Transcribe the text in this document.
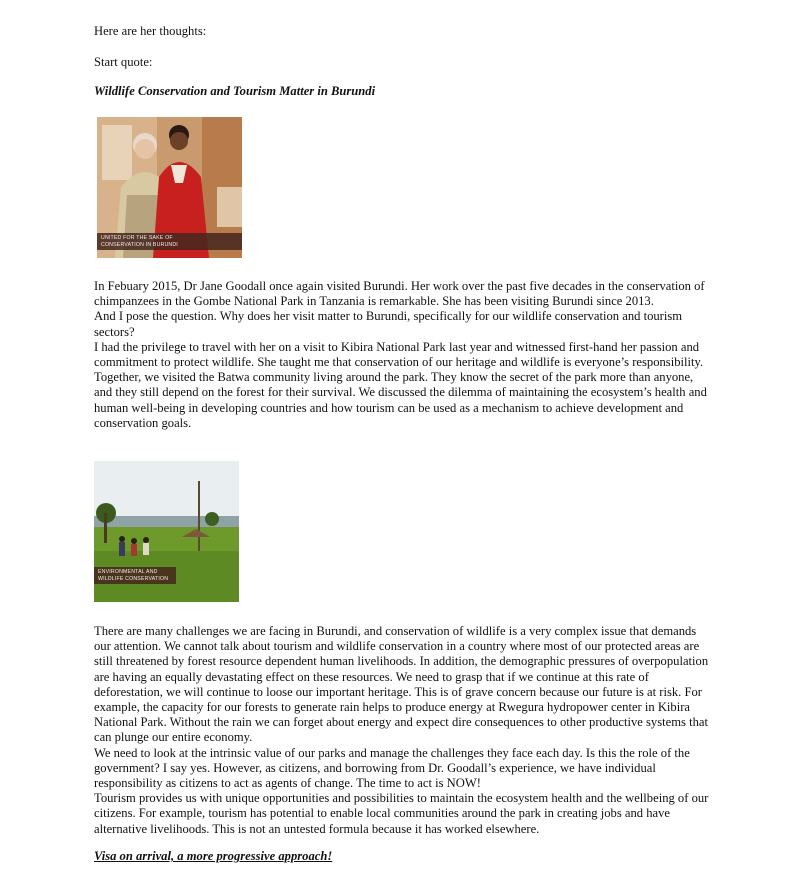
Here are her thoughts:

Start quote:

Wildlife Conservation and Tourism Matter in Burundi

UNITED FOR THE SAKE OF
CONSERVATION IN BURUNDI

In Febuary 2015, Dr Jane Goodall once again visited Burundi. Her work over the past five decades in the conservation of chimpanzees in the Gombe National Park in Tanzania is remarkable. She has been visiting Burundi since 2013.

And I pose the question. Why does her visit matter to Burundi, specifically for our wildlife conservation and tourism sectors?

I had the privilege to travel with her on a visit to Kibira National Park last year and witnessed first-hand her passion and commitment to protect wildlife. She taught me that conservation of our heritage and wildlife is everyone’s responsibility. Together, we visited the Batwa community living around the park. They know the secret of the park more than anyone, and they still depend on the forest for their survival. We discussed the dilemma of maintaining the ecosystem’s health and human well-being in developing countries and how tourism can be used as a mechanism to achieve development and conservation goals.

ENVIRONMENTAL AND
WILDLIFE CONSERVATION

There are many challenges we are facing in Burundi, and conservation of wildlife is a very complex issue that demands our attention. We cannot talk about tourism and wildlife conservation in a country where most of our protected areas are still threatened by forest resource dependent human livelihoods. In addition, the demographic pressures of overpopulation are having an equally devastating effect on these resources. We need to grasp that if we continue at this rate of deforestation, we will continue to loose our important heritage. This is of grave concern because our future is at risk. For example, the capacity for our forests to generate rain helps to produce energy at Rwegura hydropower center in Kibira National Park. Without the rain we can forget about energy and expect dire consequences to other productive systems that can plunge our entire economy.

We need to look at the intrinsic value of our parks and manage the challenges they face each day. Is this the role of the government? I say yes. However, as citizens, and borrowing from Dr. Goodall’s experience, we have individual responsibility as citizens to act as agents of change. The time to act is NOW!

Tourism provides us with unique opportunities and possibilities to maintain the ecosystem health and the wellbeing of our citizens. For example, tourism has potential to enable local communities around the park in creating jobs and have alternative livelihoods. This is not an untested formula because it has worked elsewhere.

Visa on arrival, a more progressive approach!
